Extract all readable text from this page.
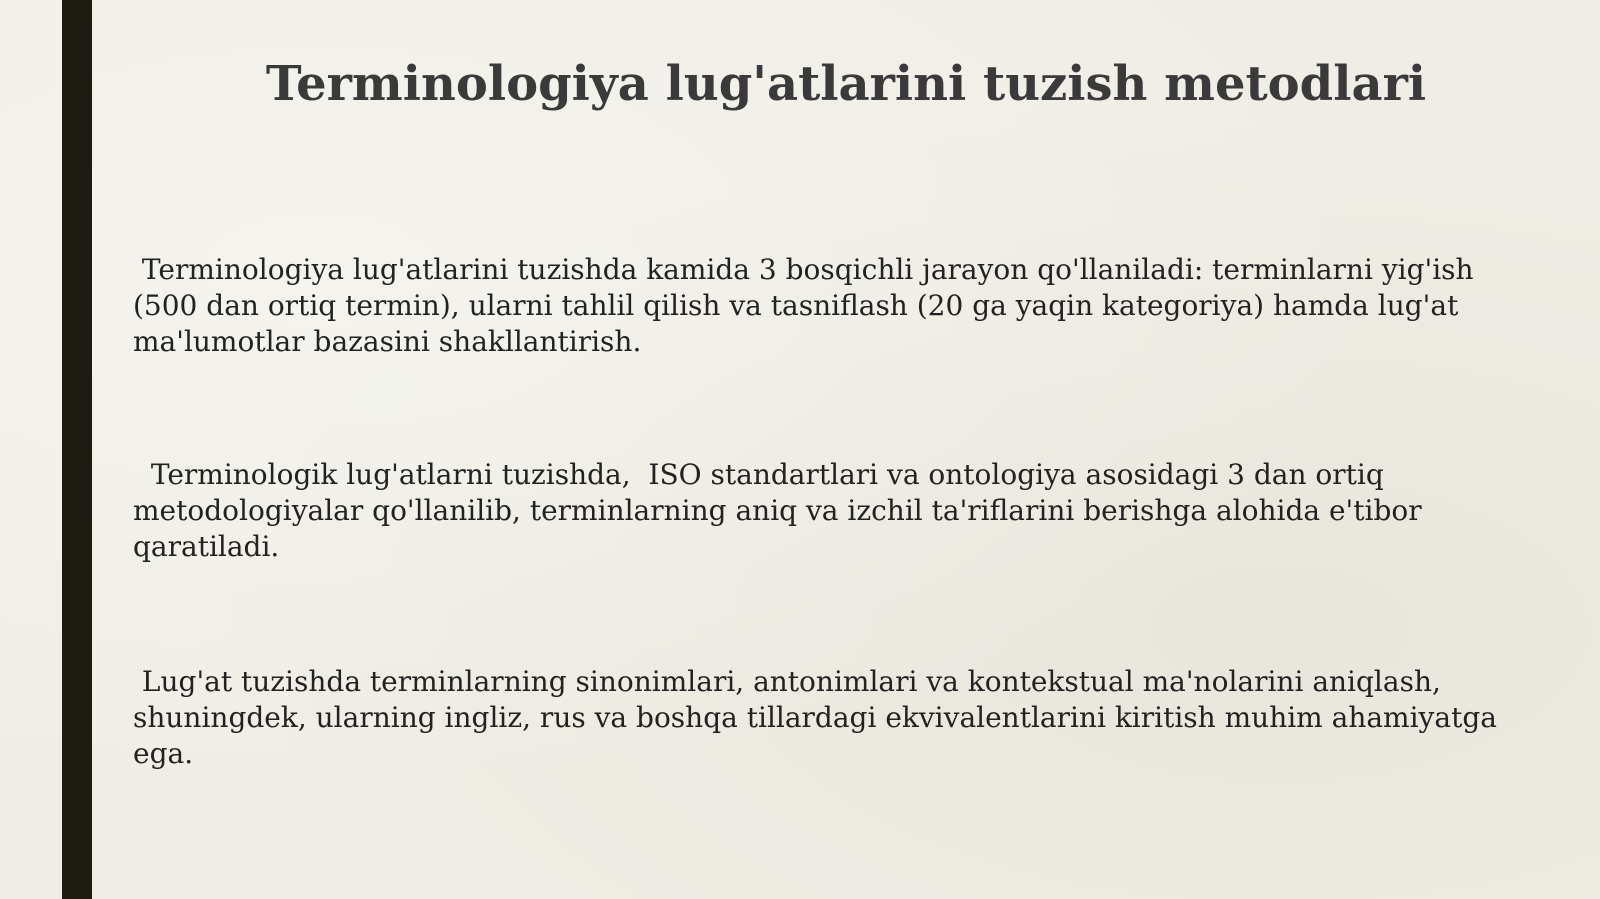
Terminologiya lug'atlarini tuzish metodlari

Terminologiya lug'atlarini tuzishda kamida 3 bosqichli jarayon qo'llaniladi: terminlarni yig'ish
(500 dan ortiq termin), ularni tahlil qilish va tasniflash (20 ga yaqin kategoriya) hamda lug'at
ma'lumotlar bazasini shakllantirish.

Terminologik lug'atlarni tuzishda,  ISO standartlari va ontologiya asosidagi 3 dan ortiq
metodologiyalar qo'llanilib, terminlarning aniq va izchil ta'riflarini berishga alohida e'tibor
qaratiladi.

Lug'at tuzishda terminlarning sinonimlari, antonimlari va kontekstual ma'nolarini aniqlash,
shuningdek, ularning ingliz, rus va boshqa tillardagi ekvivalentlarini kiritish muhim ahamiyatga
ega.
